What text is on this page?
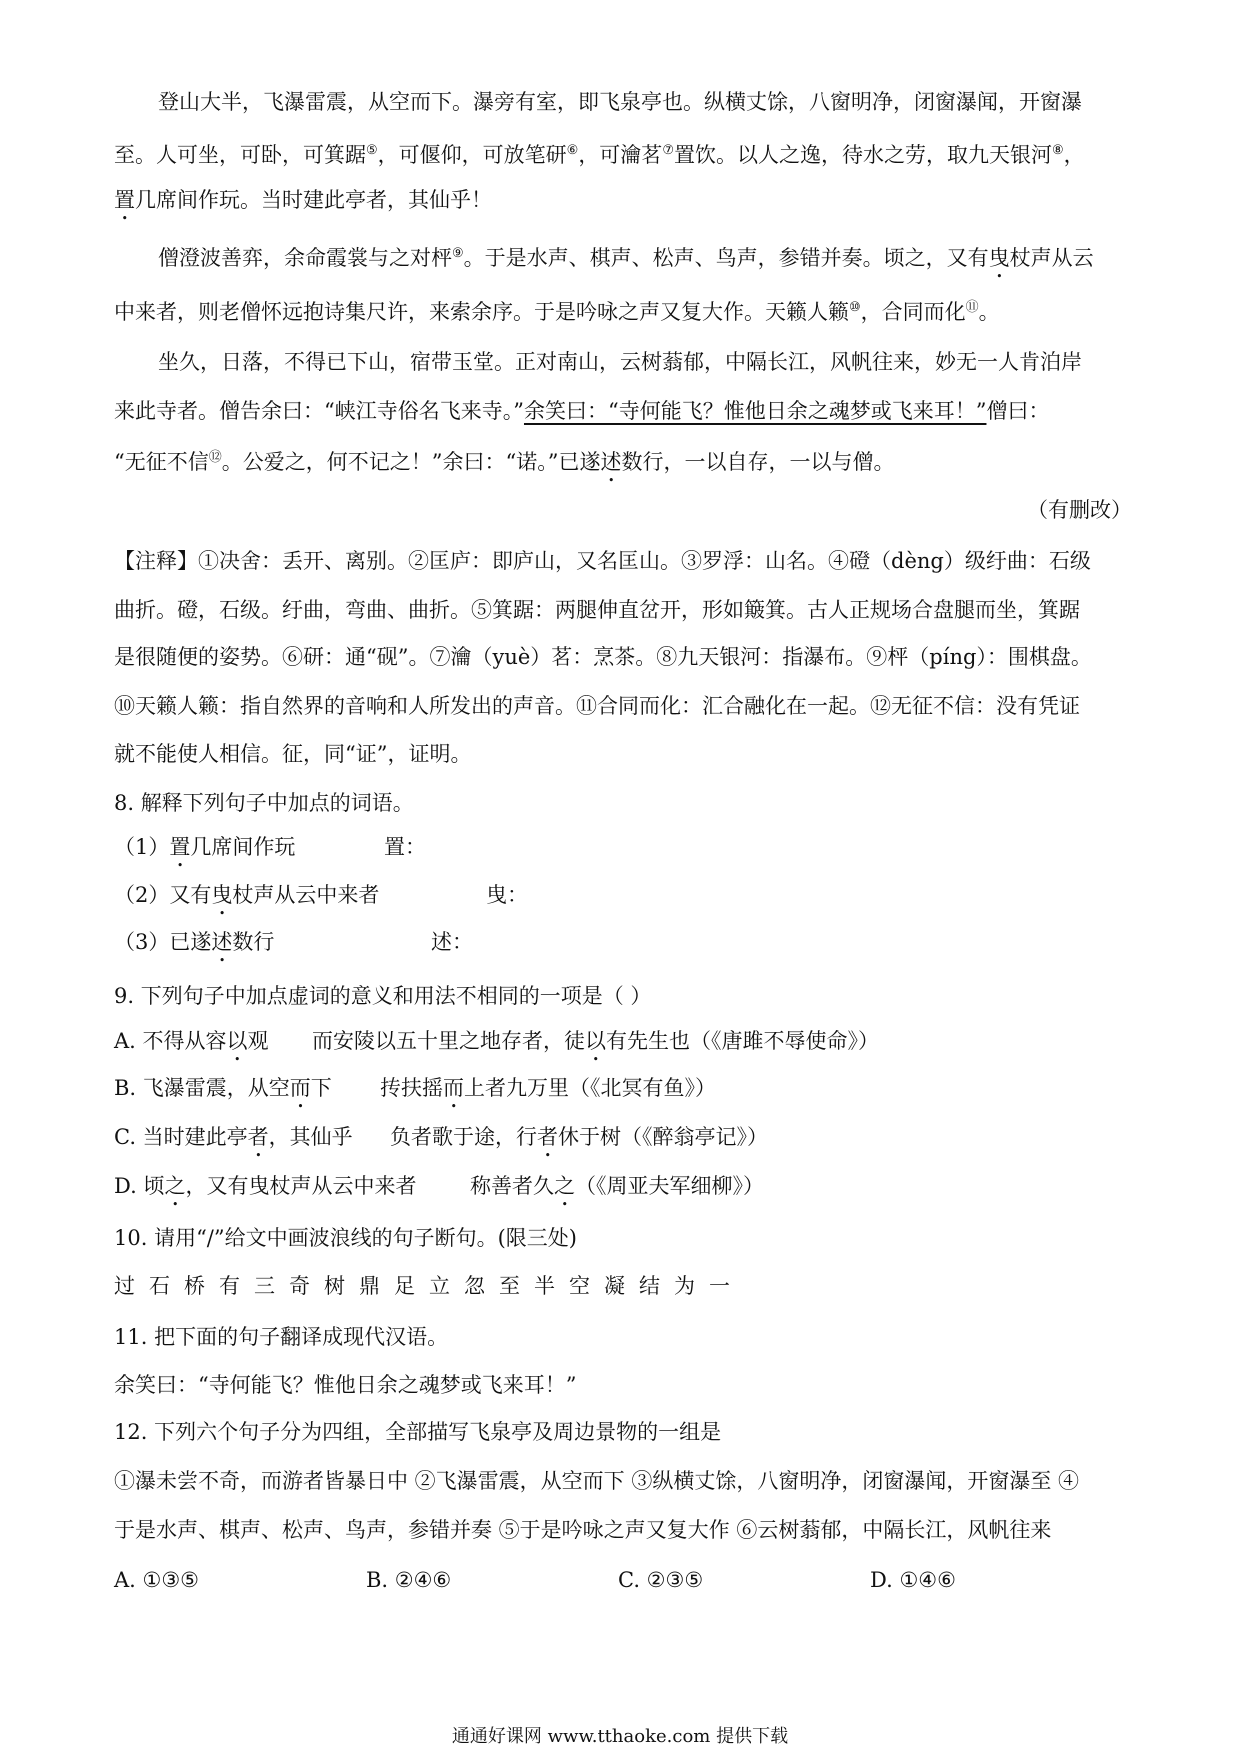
登山大半，飞瀑雷震，从空而下。瀑旁有室，即飞泉亭也。纵横丈馀，八窗明净，闭窗瀑闻，开窗瀑
至。人可坐，可卧，可箕踞⑤，可偃仰，可放笔研⑥，可瀹茗⑦置饮。以人之逸，待水之劳，取九天银河⑧，
置几席间作玩。当时建此亭者，其仙乎！
僧澄波善弈，余命霞裳与之对枰⑨。于是水声、棋声、松声、鸟声，参错并奏。顷之，又有曳杖声从云
中来者，则老僧怀远抱诗集尺许，来索余序。于是吟咏之声又复大作。天籁人籁⑩，合同而化⑪。
坐久，日落，不得已下山，宿带玉堂。正对南山，云树蓊郁，中隔长江，风帆往来，妙无一人肯泊岸
来此寺者。僧告余曰：“峡江寺俗名飞来寺。”余笑曰：“寺何能飞？惟他日余之魂梦或飞来耳！”僧曰：
“无征不信⑫。公爱之，何不记之！”余曰：“诺。”已遂述数行，一以自存，一以与僧。
（有删改）
【注释】①决舍：丢开、离别。②匡庐：即庐山，又名匡山。③罗浮：山名。④磴（dèng）级纡曲：石级
曲折。磴，石级。纡曲，弯曲、曲折。⑤箕踞：两腿伸直岔开，形如簸箕。古人正规场合盘腿而坐，箕踞
是很随便的姿势。⑥研：通“砚”。⑦瀹（yuè）茗：烹茶。⑧九天银河：指瀑布。⑨枰（píng）：围棋盘。
⑩天籁人籁：指自然界的音响和人所发出的声音。⑪合同而化：汇合融化在一起。⑫无征不信：没有凭证
就不能使人相信。征，同“证”，证明。
8. 解释下列句子中加点的词语。
（1）置几席间作玩	置：
（2）又有曳杖声从云中来者	曳：
（3）已遂述数行	述：
9. 下列句子中加点虚词的意义和用法不相同的一项是（ ）
A. 不得从容以观 而安陵以五十里之地存者，徒以有先生也（《唐雎不辱使命》）
B. 飞瀑雷震，从空而下 抟扶摇而上者九万里（《北冥有鱼》）
C. 当时建此亭者，其仙乎 负者歌于途，行者休于树（《醉翁亭记》）
D. 顷之，又有曳杖声从云中来者	称善者久之（《周亚夫军细柳》）
10. 请用“/”给文中画波浪线的句子断句。(限三处)
过石桥有三奇树鼎足立忽至半空凝结为一
11. 把下面的句子翻译成现代汉语。
余笑曰：“寺何能飞？惟他日余之魂梦或飞来耳！”
12. 下列六个句子分为四组，全部描写飞泉亭及周边景物的一组是
①瀑未尝不奇，而游者皆暴日中 ②飞瀑雷震，从空而下 ③纵横丈馀，八窗明净，闭窗瀑闻，开窗瀑至 ④
于是水声、棋声、松声、鸟声，参错并奏 ⑤于是吟咏之声又复大作 ⑥云树蓊郁，中隔长江，风帆往来
A. ①③⑤	B. ②④⑥	C. ②③⑤	D. ①④⑥
通通好课网 www.tthaoke.com 提供下载
